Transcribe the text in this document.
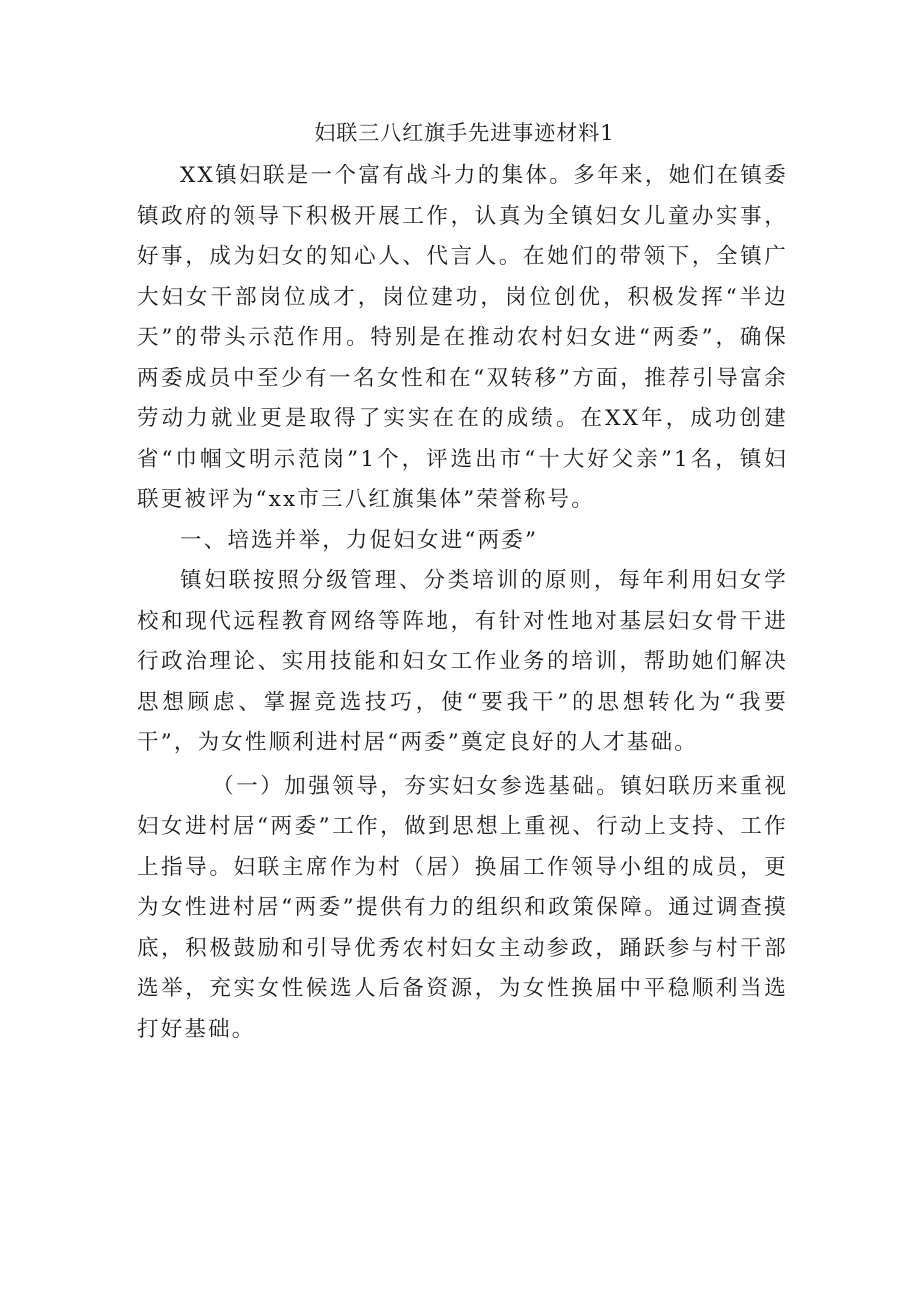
妇联三八红旗手先进事迹材料1

XX镇妇联是一个富有战斗力的集体。多年来，她们在镇委镇政府的领导下积极开展工作，认真为全镇妇女儿童办实事，好事，成为妇女的知心人、代言人。在她们的带领下，全镇广大妇女干部岗位成才，岗位建功，岗位创优，积极发挥“半边天”的带头示范作用。特别是在推动农村妇女进“两委”，确保两委成员中至少有一名女性和在“双转移”方面，推荐引导富余劳动力就业更是取得了实实在在的成绩。在XX年，成功创建省“巾帼文明示范岗”1个，评选出市“十大好父亲”1名，镇妇联更被评为“xx市三八红旗集体”荣誉称号。

一、培选并举，力促妇女进“两委”

镇妇联按照分级管理、分类培训的原则，每年利用妇女学校和现代远程教育网络等阵地，有针对性地对基层妇女骨干进行政治理论、实用技能和妇女工作业务的培训，帮助她们解决思想顾虑、掌握竞选技巧，使“要我干”的思想转化为“我要干”，为女性顺利进村居“两委”奠定良好的人才基础。

（一）加强领导，夯实妇女参选基础。镇妇联历来重视妇女进村居“两委”工作，做到思想上重视、行动上支持、工作上指导。妇联主席作为村（居）换届工作领导小组的成员，更为女性进村居“两委”提供有力的组织和政策保障。通过调查摸底，积极鼓励和引导优秀农村妇女主动参政，踊跃参与村干部选举，充实女性候选人后备资源，为女性换届中平稳顺利当选打好基础。
